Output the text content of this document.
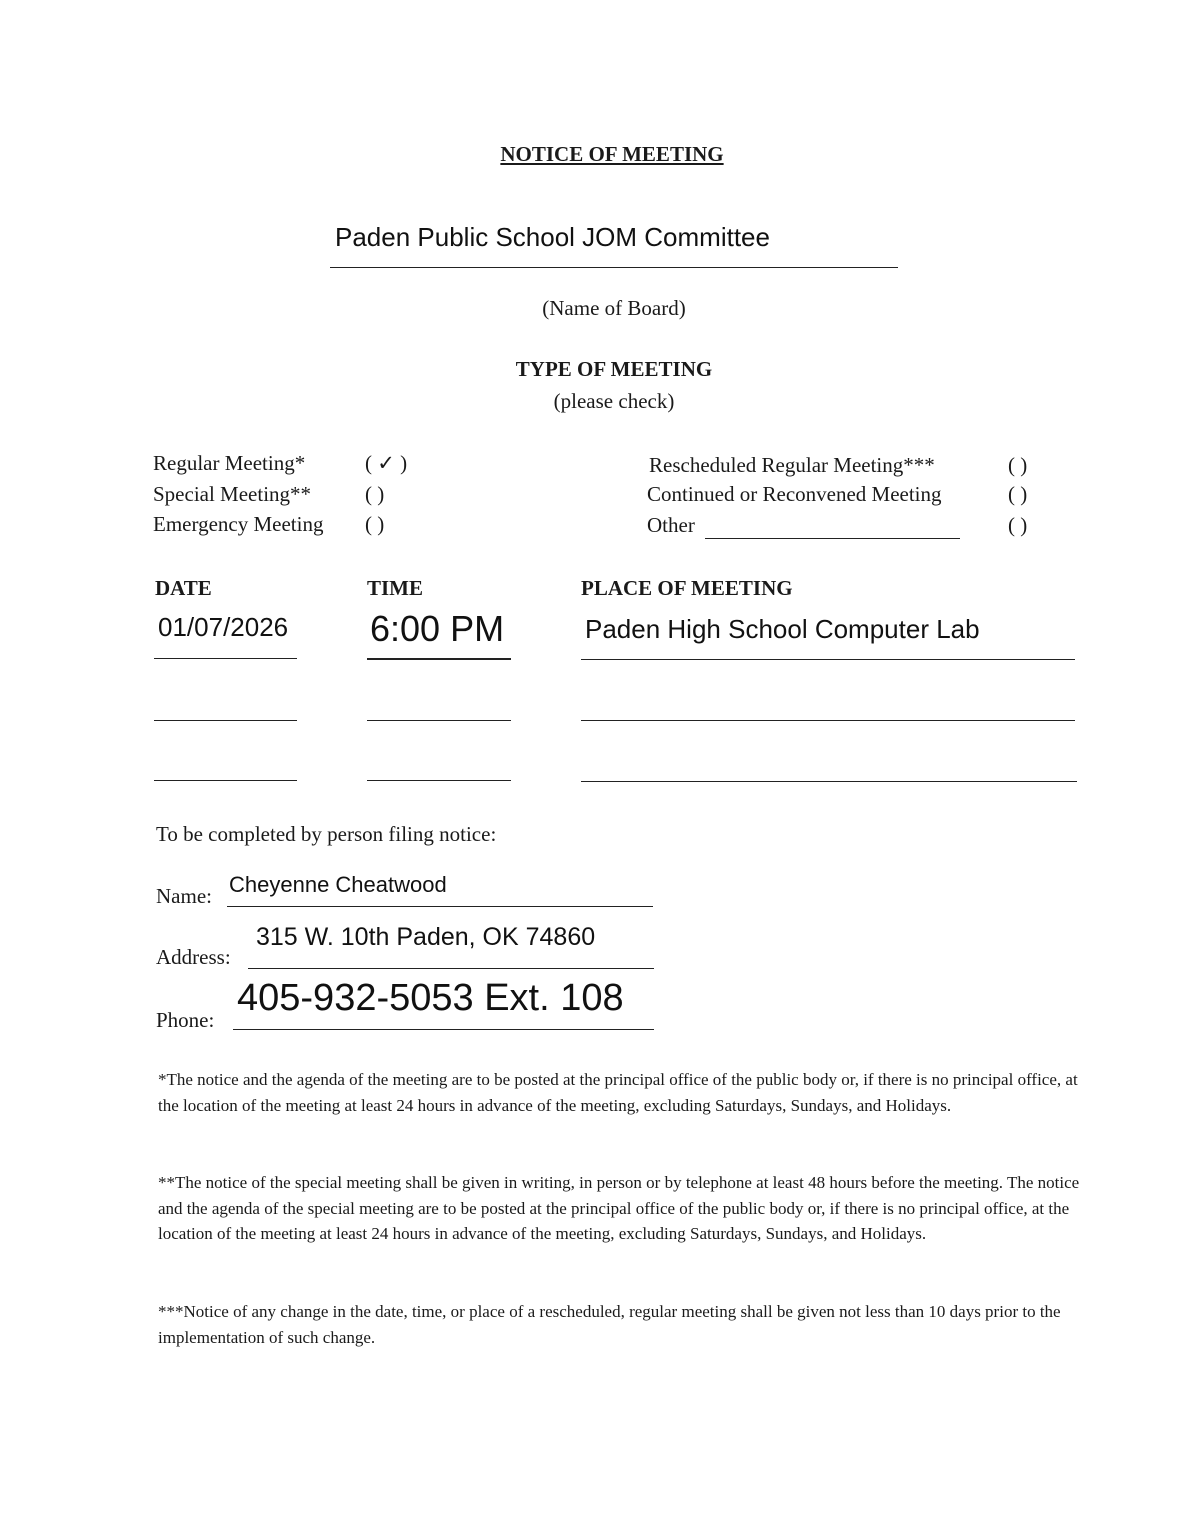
NOTICE OF MEETING
Paden Public School JOM Committee
(Name of Board)
TYPE OF MEETING
(please check)
Regular Meeting*	( ✓ )
Special Meeting**	( )
Emergency Meeting ( )
Rescheduled Regular Meeting***	( )
Continued or Reconvened Meeting	( )
Other	( )
DATE	TIME	PLACE OF MEETING
01/07/2026 6:00 PM	Paden High School Computer Lab
To be completed by person filing notice:
Name: Cheyenne Cheatwood
Address:
315 W. 10th Paden, OK 74860
Phone:
405-932-5053 Ext. 108
*The notice and the agenda of the meeting are to be posted at the principal office of the public body or, if there is no principal office, at the location of the meeting at least 24 hours in advance of the meeting, excluding Saturdays, Sundays, and Holidays.
**The notice of the special meeting shall be given in writing, in person or by telephone at least 48 hours before the meeting. The notice and the agenda of the special meeting are to be posted at the principal office of the public body or, if there is no principal office, at the location of the meeting at least 24 hours in advance of the meeting, excluding Saturdays, Sundays, and Holidays.
***Notice of any change in the date, time, or place of a rescheduled, regular meeting shall be given not less than 10 days prior to the implementation of such change.
